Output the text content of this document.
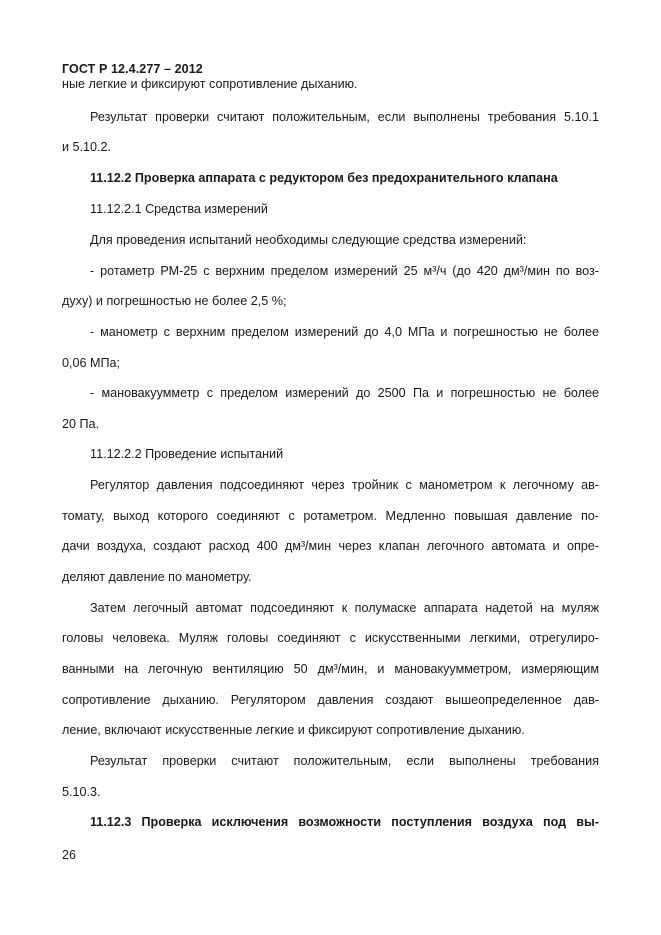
ГОСТ Р 12.4.277 – 2012
ные легкие и фиксируют сопротивление дыханию.
Результат проверки считают положительным, если выполнены требования 5.10.1
и 5.10.2.
11.12.2 Проверка аппарата с редуктором без предохранительного клапана
11.12.2.1 Средства измерений
Для проведения испытаний необходимы следующие средства измерений:
- ротаметр РМ-25 с верхним пределом измерений 25 м³/ч (до 420 дм³/мин по воз-
духу) и погрешностью не более 2,5 %;
- манометр с верхним пределом измерений до 4,0 МПа и погрешностью не более
0,06 МПа;
- мановакуумметр с пределом измерений до 2500 Па и погрешностью не более
20 Па.
11.12.2.2 Проведение испытаний
Регулятор давления подсоединяют через тройник с манометром к легочному ав-
томату, выход которого соединяют с ротаметром. Медленно повышая давление по-
дачи воздуха, создают расход 400 дм³/мин через клапан легочного автомата и опре-
деляют давление по манометру.
Затем легочный автомат подсоединяют к полумаске аппарата надетой на муляж
головы человека. Муляж головы соединяют с искусственными легкими, отрегулиро-
ванными на легочную вентиляцию 50 дм³/мин, и мановакуумметром, измеряющим
сопротивление дыханию. Регулятором давления создают вышеопределенное дав-
ление, включают искусственные легкие и фиксируют сопротивление дыханию.
Результат проверки считают положительным, если выполнены требования
5.10.3.
11.12.3 Проверка исключения возможности поступления воздуха под вы-
26
